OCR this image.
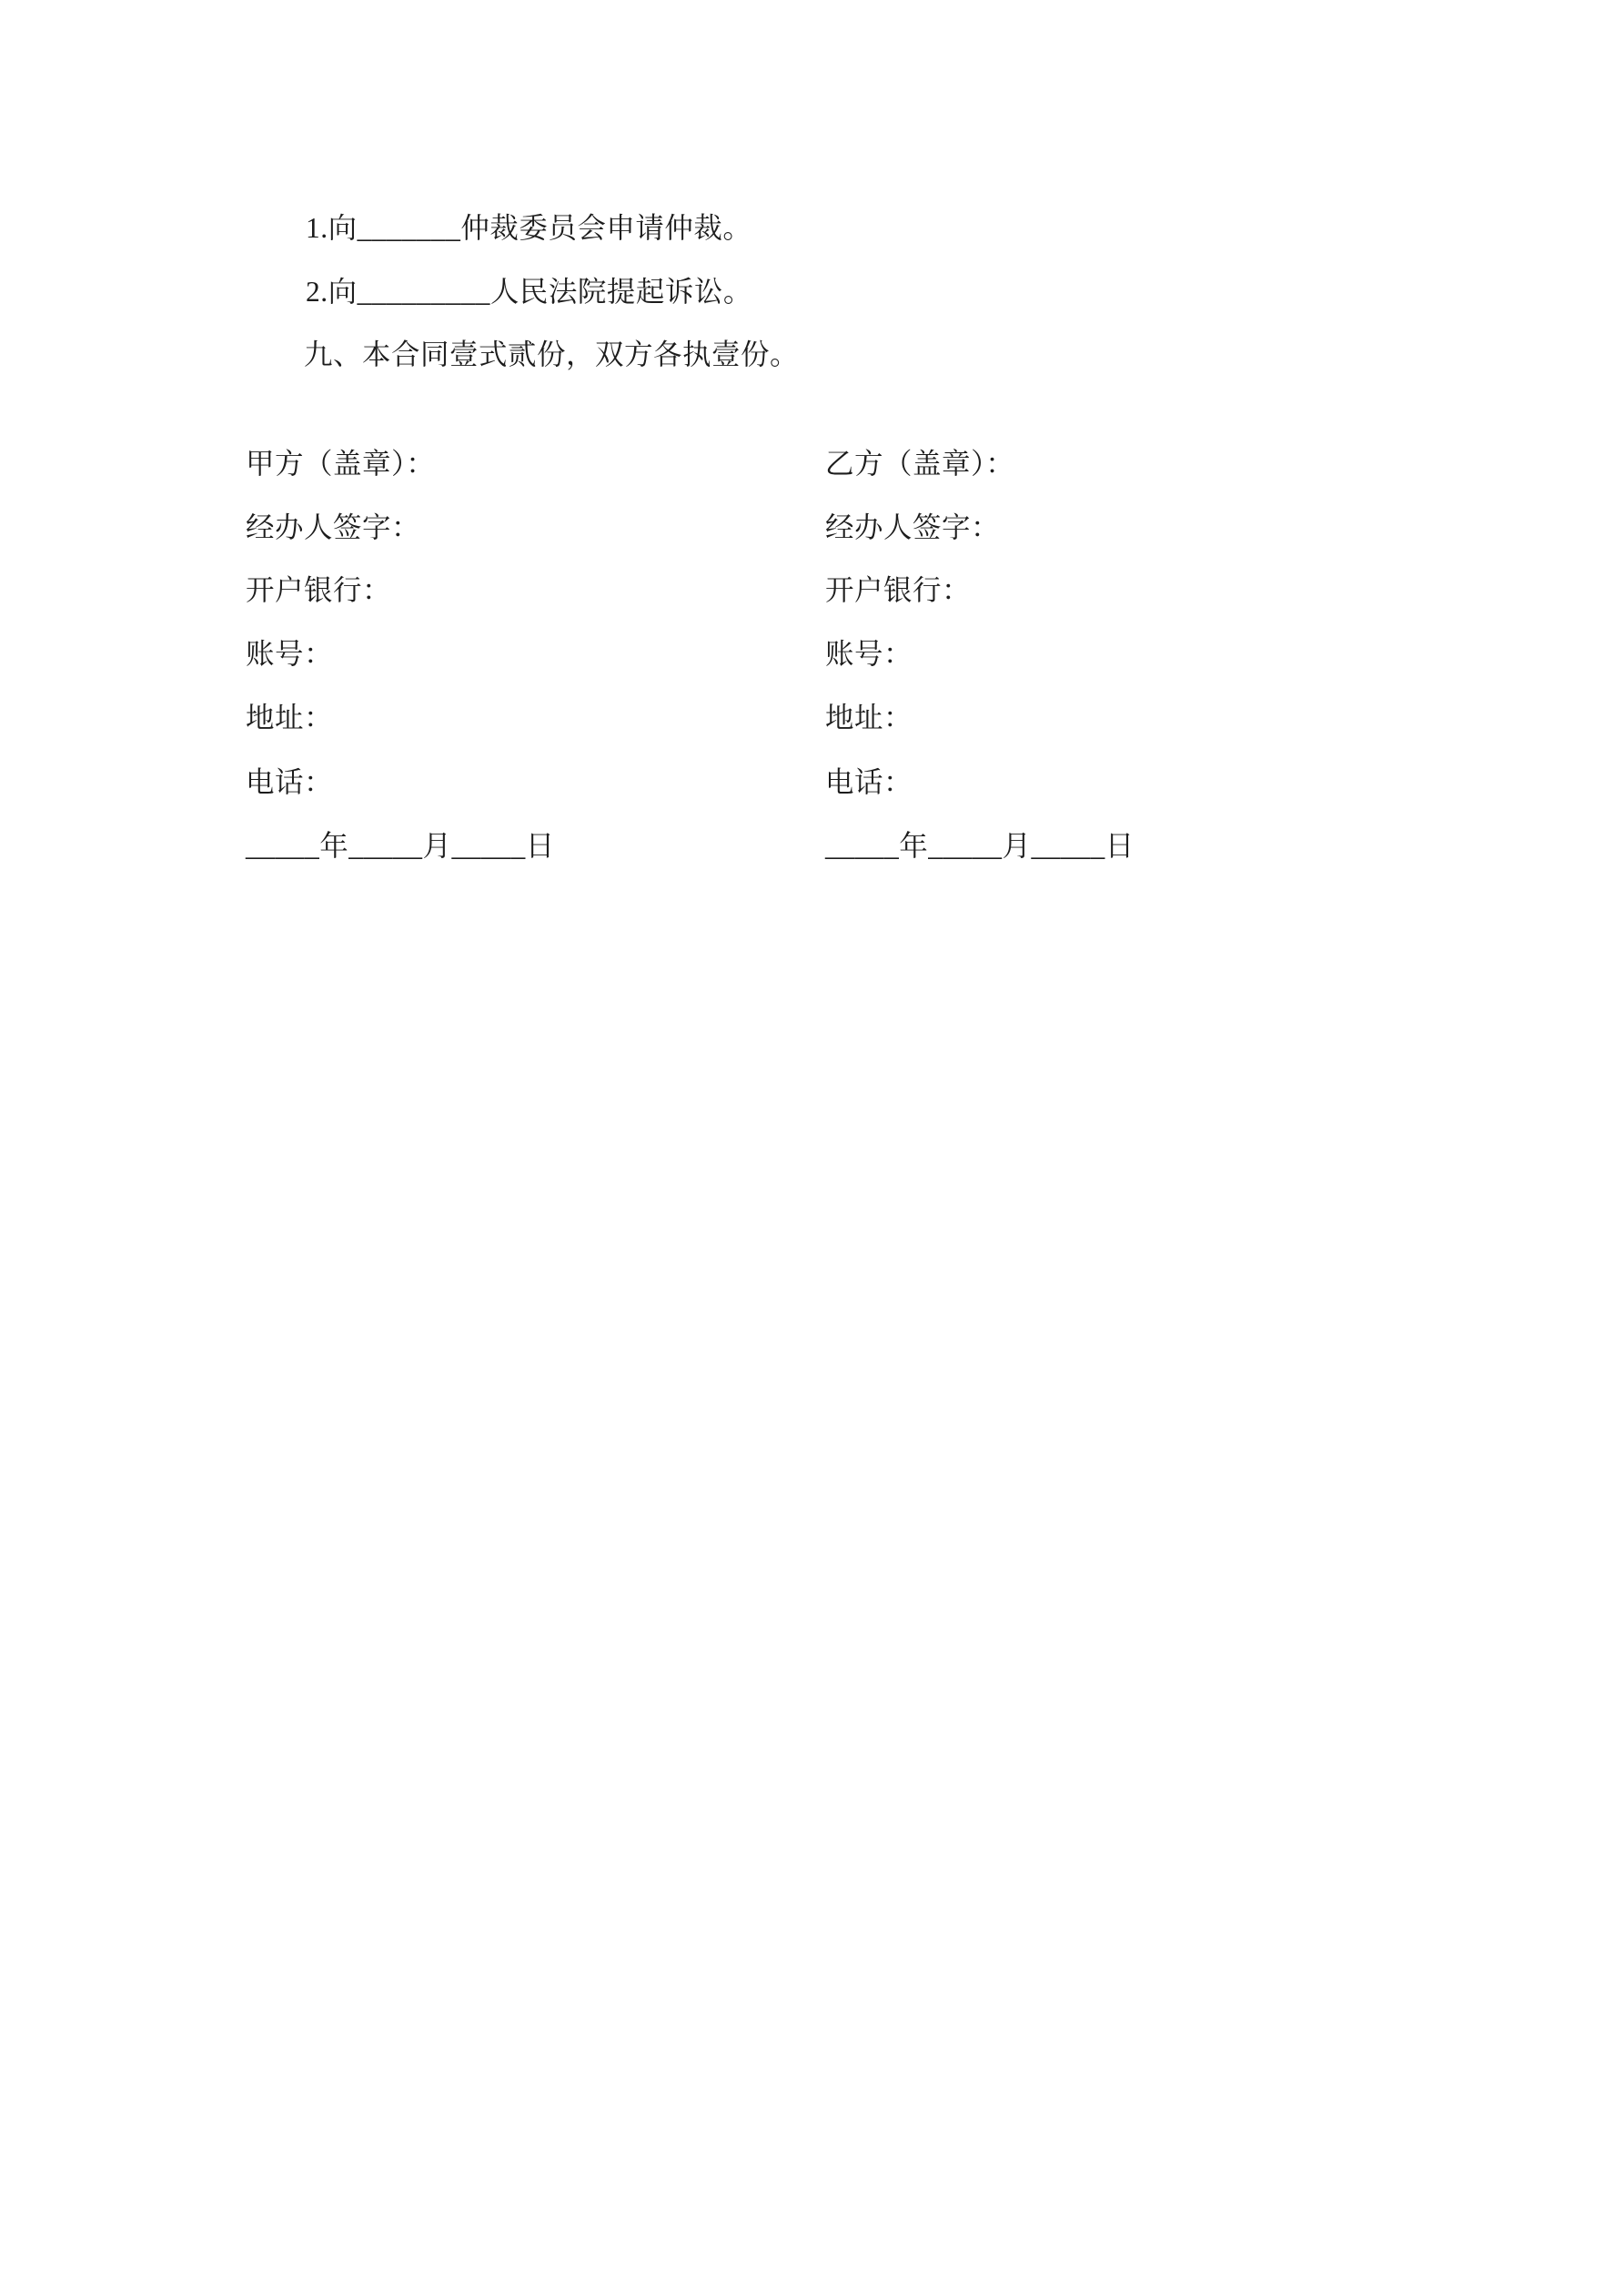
1.向_______仲裁委员会申请仲裁。

2.向_________人民法院提起诉讼。

九、本合同壹式贰份，双方各执壹份。

甲方（盖章）：

经办人签字：

开户银行：

账号：

地址：

电话：

_____年_____月_____日

乙方（盖章）：

经办人签字：

开户银行：

账号：

地址：

电话：

_____年_____月_____日
